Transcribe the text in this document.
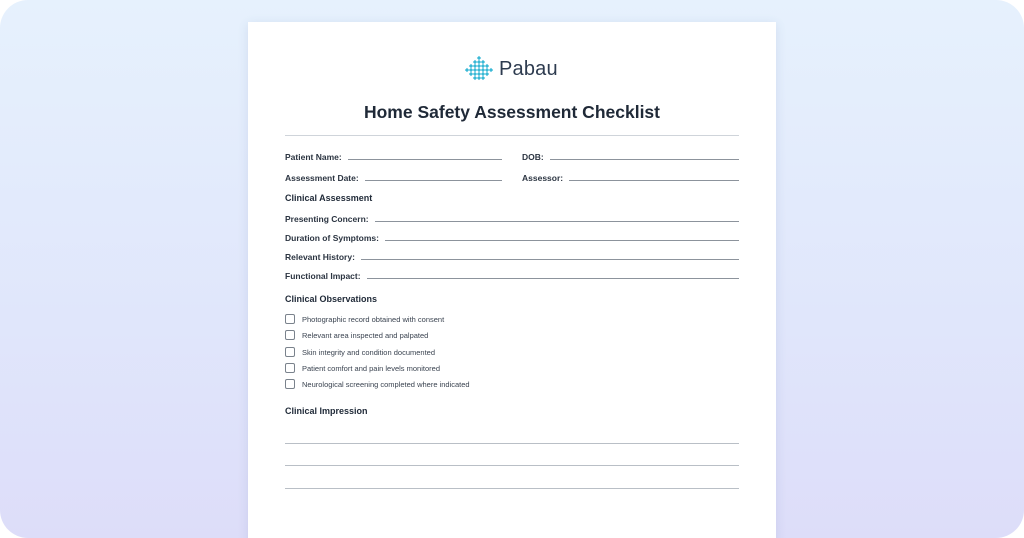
Pabau
Home Safety Assessment Checklist
Patient Name:	DOB:
Assessment Date:	Assessor:
Clinical Assessment
Presenting Concern:
Duration of Symptoms:
Relevant History:
Functional Impact:
Clinical Observations
Photographic record obtained with consent
Relevant area inspected and palpated
Skin integrity and condition documented
Patient comfort and pain levels monitored
Neurological screening completed where indicated
Clinical Impression
